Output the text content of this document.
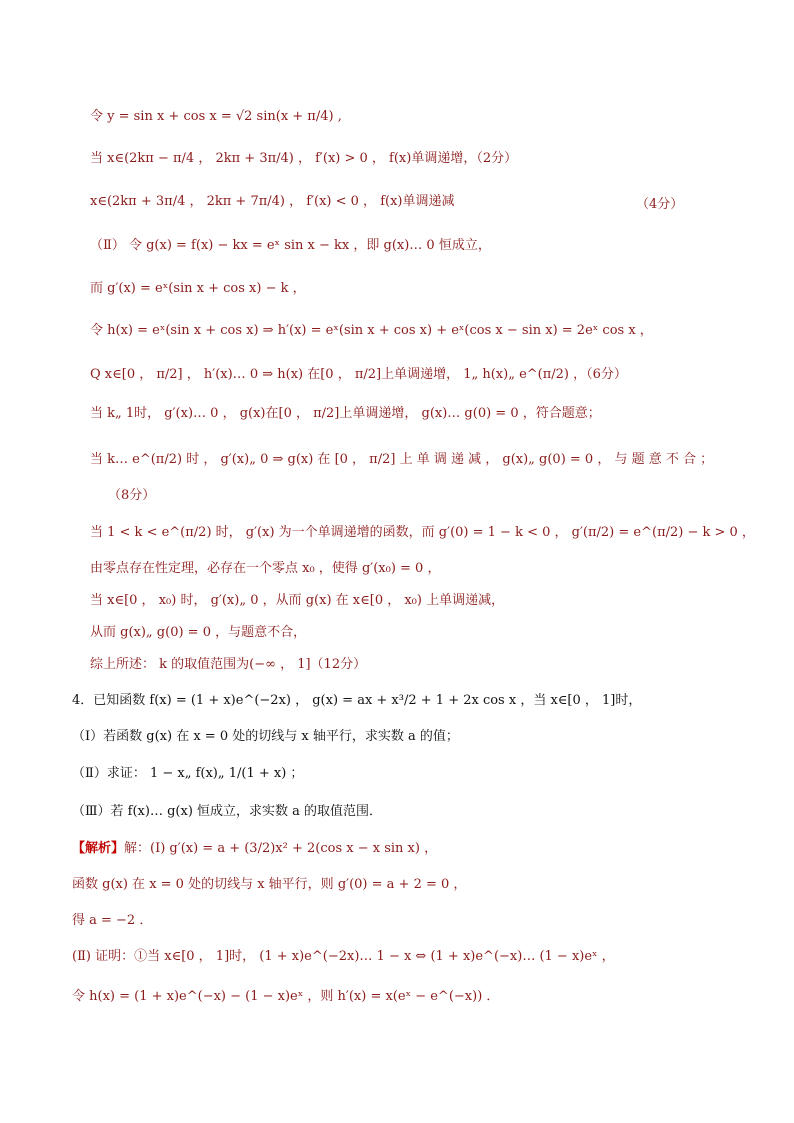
令 y = sin x + cos x = √2 sin(x + π/4) ,
当 x∈(2kπ − π/4 ， 2kπ + 3π/4) ， f′(x) > 0 ， f(x)单调递增，（2分）
x∈(2kπ + 3π/4 ， 2kπ + 7π/4) ， f′(x) < 0 ， f(x)单调递减	（4分）
（Ⅱ） 令 g(x) = f(x) − kx = eˣ sin x − kx ，即 g(x)… 0 恒成立，
而 g′(x) = eˣ(sin x + cos x) − k ，
令 h(x) = eˣ(sin x + cos x) ⇒ h′(x) = eˣ(sin x + cos x) + eˣ(cos x − sin x) = 2eˣ cos x ，
Q x∈[0 ， π/2] ， h′(x)… 0 ⇒ h(x) 在[0 ， π/2]上单调递增， 1„ h(x)„ e^(π/2) ，（6分）
当 k„ 1时， g′(x)… 0 ， g(x)在[0 ， π/2]上单调递增， g(x)… g(0) = 0 ，符合题意；
当 k… e^(π/2) 时 ， g′(x)„ 0 ⇒ g(x) 在 [0 ， π/2] 上 单 调 递 减 ， g(x)„ g(0) = 0 ， 与 题 意 不 合 ；
（8分）
当 1 < k < e^(π/2) 时， g′(x) 为一个单调递增的函数，而 g′(0) = 1 − k < 0 ， g′(π/2) = e^(π/2) − k > 0 ，
由零点存在性定理，必存在一个零点 x₀ ，使得 g′(x₀) = 0 ，
当 x∈[0 ， x₀) 时， g′(x)„ 0 ，从而 g(x) 在 x∈[0 ， x₀) 上单调递减，
从而 g(x)„ g(0) = 0 ，与题意不合，
综上所述： k 的取值范围为(−∞ ， 1]（12分）
4．已知函数 f(x) = (1 + x)e^(−2x) ， g(x) = ax + x³/2 + 1 + 2x cos x ，当 x∈[0 ， 1]时，
（Ⅰ）若函数 g(x) 在 x = 0 处的切线与 x 轴平行，求实数 a 的值；
（Ⅱ）求证： 1 − x„ f(x)„ 1/(1 + x) ；
（Ⅲ）若 f(x)… g(x) 恒成立，求实数 a 的取值范围．
【解析】解：(Ⅰ) g′(x) = a + (3/2)x² + 2(cos x − x sin x) ，
函数 g(x) 在 x = 0 处的切线与 x 轴平行，则 g′(0) = a + 2 = 0 ，
得 a = −2 ．
(Ⅱ) 证明：①当 x∈[0 ， 1]时， (1 + x)e^(−2x)… 1 − x ⇔ (1 + x)e^(−x)… (1 − x)eˣ ，
令 h(x) = (1 + x)e^(−x) − (1 − x)eˣ ，则 h′(x) = x(eˣ − e^(−x)) ．
